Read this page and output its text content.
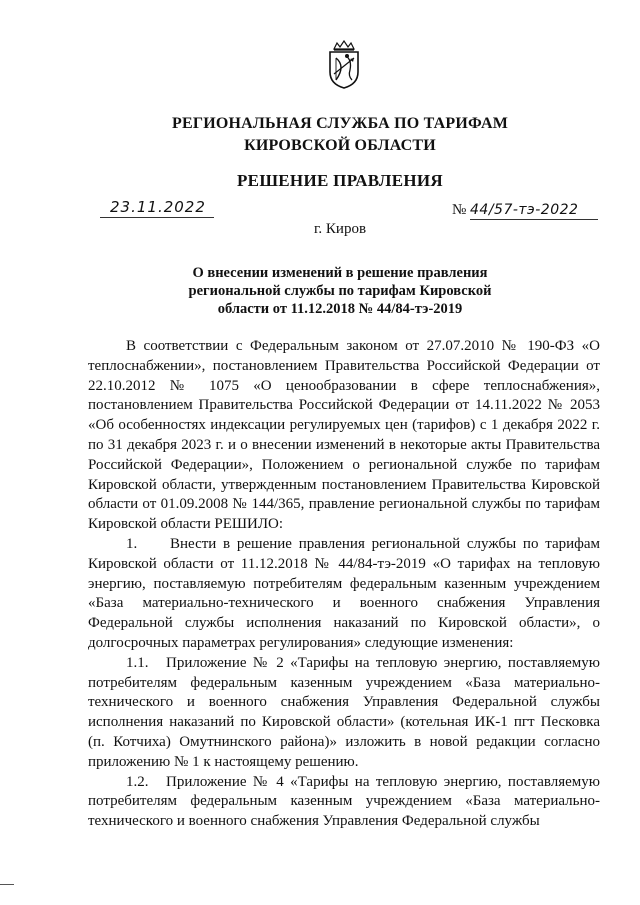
РЕГИОНАЛЬНАЯ СЛУЖБА ПО ТАРИФАМ
КИРОВСКОЙ ОБЛАСТИ
РЕШЕНИЕ ПРАВЛЕНИЯ
23.11.2022	№ 44/57-тэ-2022
г. Киров
О внесении изменений в решение правления
региональной службы по тарифам Кировской
области от 11.12.2018 № 44/84-тэ-2019

В соответствии с Федеральным законом от 27.07.2010 № 190-ФЗ «О теплоснабжении», постановлением Правительства Российской Федерации от 22.10.2012 № 1075 «О ценообразовании в сфере теплоснабжения», постановлением Правительства Российской Федерации от 14.11.2022 № 2053 «Об особенностях индексации регулируемых цен (тарифов) с 1 декабря 2022 г. по 31 декабря 2023 г. и о внесении изменений в некоторые акты Правительства Российской Федерации», Положением о региональной службе по тарифам Кировской области, утвержденным постановлением Правительства Кировской области от 01.09.2008 № 144/365, правление региональной службы по тарифам Кировской области РЕШИЛО:

1. Внести в решение правления региональной службы по тарифам Кировской области от 11.12.2018 № 44/84-тэ-2019 «О тарифах на тепловую энергию, поставляемую потребителям федеральным казенным учреждением «База материально-технического и военного снабжения Управления Федеральной службы исполнения наказаний по Кировской области», о долгосрочных параметрах регулирования» следующие изменения:

1.1. Приложение № 2 «Тарифы на тепловую энергию, поставляемую потребителям федеральным казенным учреждением «База материально-технического и военного снабжения Управления Федеральной службы исполнения наказаний по Кировской области» (котельная ИК-1 пгт Песковка (п. Котчиха) Омутнинского района)» изложить в новой редакции согласно приложению № 1 к настоящему решению.

1.2. Приложение № 4 «Тарифы на тепловую энергию, поставляемую потребителям федеральным казенным учреждением «База материально-технического и военного снабжения Управления Федеральной службы
